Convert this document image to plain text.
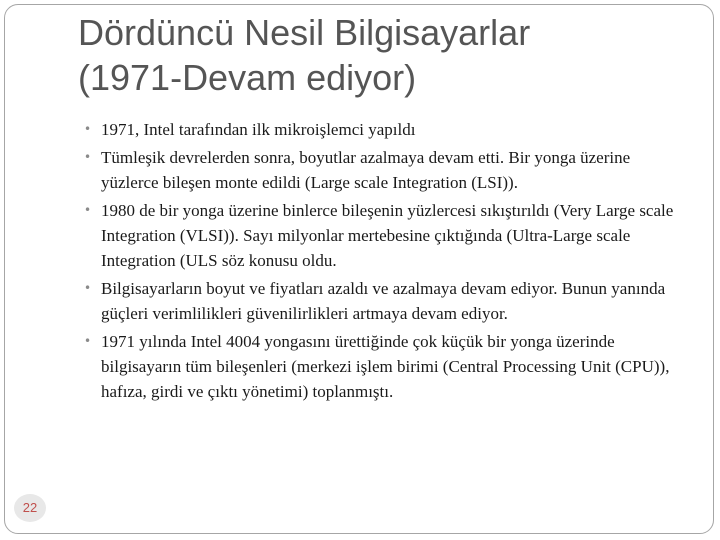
Dördüncü Nesil Bilgisayarlar
(1971-Devam ediyor)
• 1971, Intel tarafından ilk mikroişlemci yapıldı
• Tümleşik devrelerden sonra, boyutlar azalmaya devam etti. Bir yonga üzerine yüzlerce bileşen monte edildi (Large scale Integration (LSI)).
• 1980 de bir yonga üzerine binlerce bileşenin yüzlercesi sıkıştırıldı (Very Large scale Integration (VLSI)). Sayı milyonlar mertebesine çıktığında (Ultra-Large scale Integration (ULS söz konusu oldu.
• Bilgisayarların boyut ve fiyatları azaldı ve azalmaya devam ediyor. Bunun yanında güçleri verimlilikleri güvenilirlikleri artmaya devam ediyor.
• 1971 yılında Intel 4004 yongasını ürettiğinde çok küçük bir yonga üzerinde bilgisayarın tüm bileşenleri (merkezi işlem birimi (Central Processing Unit (CPU)), hafıza, girdi ve çıktı yönetimi) toplanmıştı.
22
